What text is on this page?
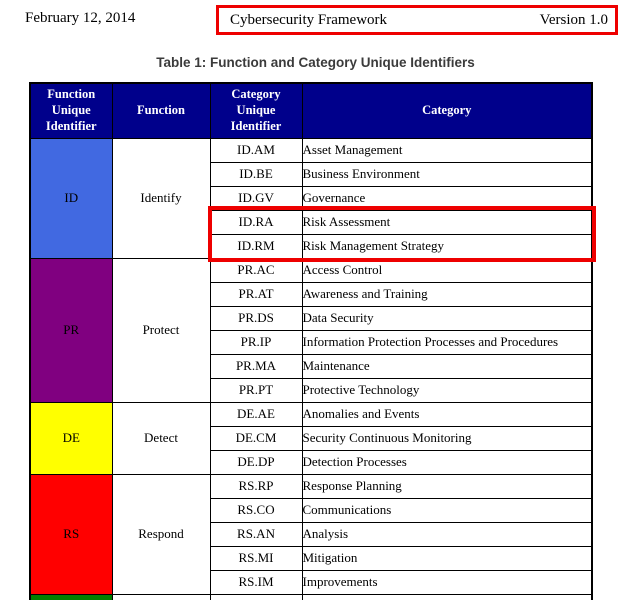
February 12, 2014	Cybersecurity Framework	Version 1.0
Table 1: Function and Category Unique Identifiers
Function Unique Identifier	Function	Category Unique Identifier	Category
ID	Identify	ID.AM	Asset Management
		ID.BE	Business Environment
		ID.GV	Governance
		ID.RA	Risk Assessment
		ID.RM	Risk Management Strategy
PR	Protect	PR.AC	Access Control
		PR.AT	Awareness and Training
		PR.DS	Data Security
		PR.IP	Information Protection Processes and Procedures
		PR.MA	Maintenance
		PR.PT	Protective Technology
DE	Detect	DE.AE	Anomalies and Events
		DE.CM	Security Continuous Monitoring
		DE.DP	Detection Processes
RS	Respond	RS.RP	Response Planning
		RS.CO	Communications
		RS.AN	Analysis
		RS.MI	Mitigation
		RS.IM	Improvements
